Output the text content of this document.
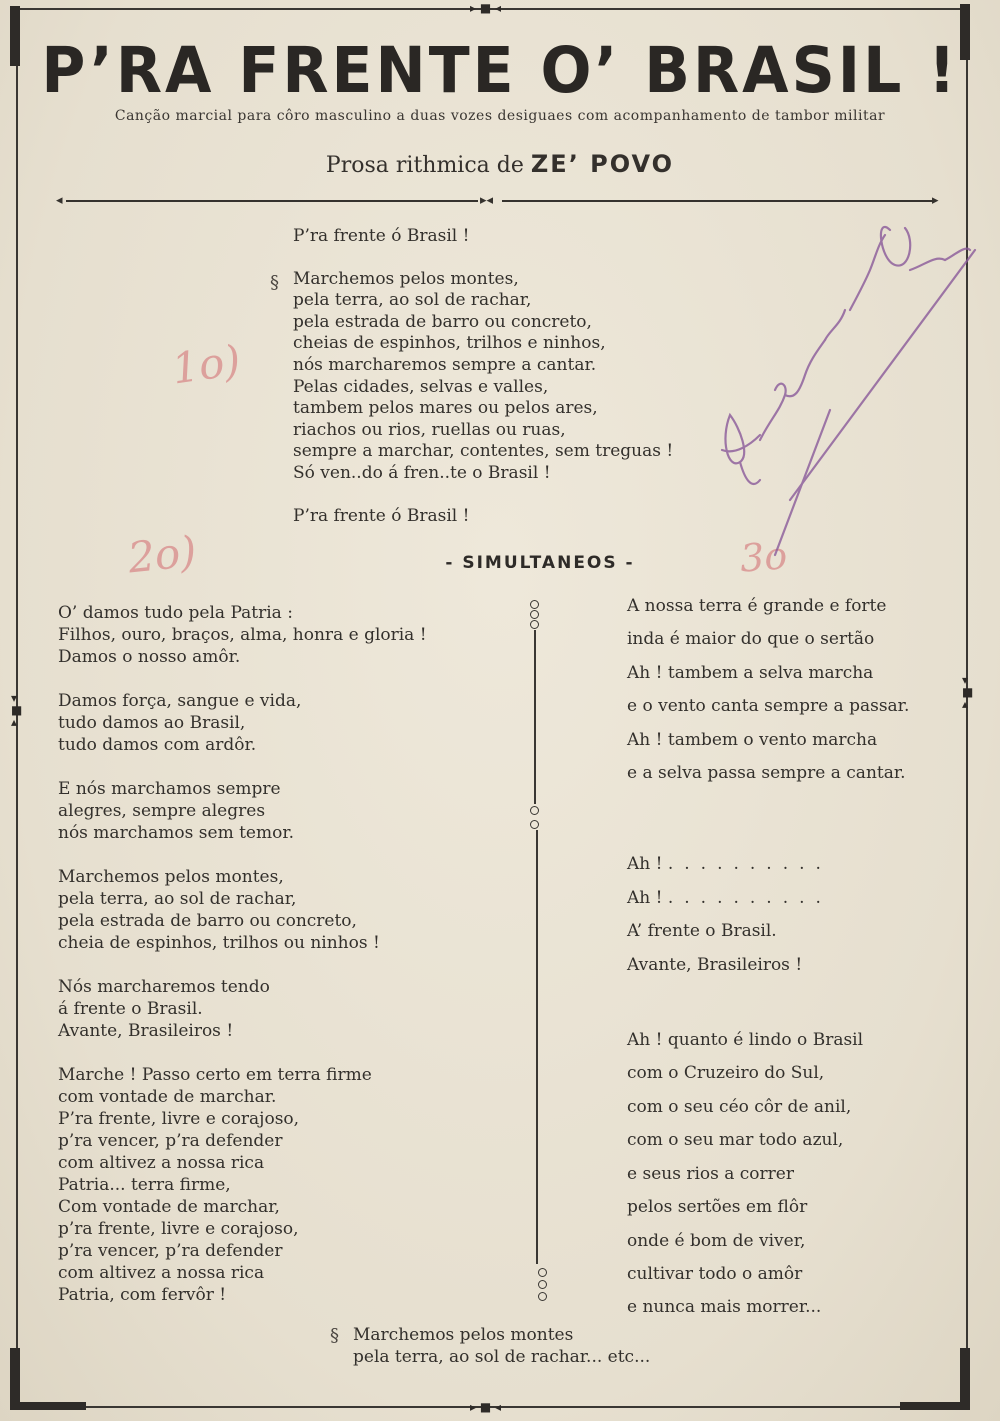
▸ ■ ◂
▸ ■ ◂
▾
■
▴
▾
■
▴
P’RA FRENTE O’ BRASIL !
Canção marcial para côro masculino a duas vozes desiguaes com acompanhamento de tambor militar
Prosa rithmica de ZE’ POVO
◂	▸◂	▸
§
P’ra frente ó Brasil !
Marchemos pelos montes,
pela terra, ao sol de rachar,
pela estrada de barro ou concreto,
cheias de espinhos, trilhos e ninhos,
nós marcharemos sempre a cantar.
Pelas cidades, selvas e valles,
tambem pelos mares ou pelos ares,
riachos ou rios, ruellas ou ruas,
sempre a marchar, contentes, sem treguas !
Só ven..do á fren..te o Brasil !
P’ra frente ó Brasil !
- SIMULTANEOS -
O’ damos tudo pela Patria :
Filhos, ouro, braços, alma, honra e gloria !
Damos o nosso amôr.
Damos força, sangue e vida,
tudo damos ao Brasil,
tudo damos com ardôr.
E nós marchamos sempre
alegres, sempre alegres
nós marchamos sem temor.
Marchemos pelos montes,
pela terra, ao sol de rachar,
pela estrada de barro ou concreto,
cheia de espinhos, trilhos ou ninhos !
Nós marcharemos tendo
á frente o Brasil.
Avante, Brasileiros !
Marche ! Passo certo em terra firme
com vontade de marchar.
P’ra frente, livre e corajoso,
p’ra vencer, p’ra defender
com altivez a nossa rica
Patria... terra firme,
Com vontade de marchar,
p’ra frente, livre e corajoso,
p’ra vencer, p’ra defender
com altivez a nossa rica
Patria, com fervôr !
A nossa terra é grande e forte
inda é maior do que o sertão
Ah ! tambem a selva marcha
e o vento canta sempre a passar.
Ah ! tambem o vento marcha
e a selva passa sempre a cantar.
Ah ! ..........
Ah ! ..........
A’ frente o Brasil.
Avante, Brasileiros !
Ah ! quanto é lindo o Brasil
com o Cruzeiro do Sul,
com o seu céo côr de anil,
com o seu mar todo azul,
e seus rios a correr
pelos sertões em flôr
onde é bom de viver,
cultivar todo o amôr
e nunca mais morrer...
§ Marchemos pelos montes
pela terra, ao sol de rachar... etc...
1o)
2o)	3o
